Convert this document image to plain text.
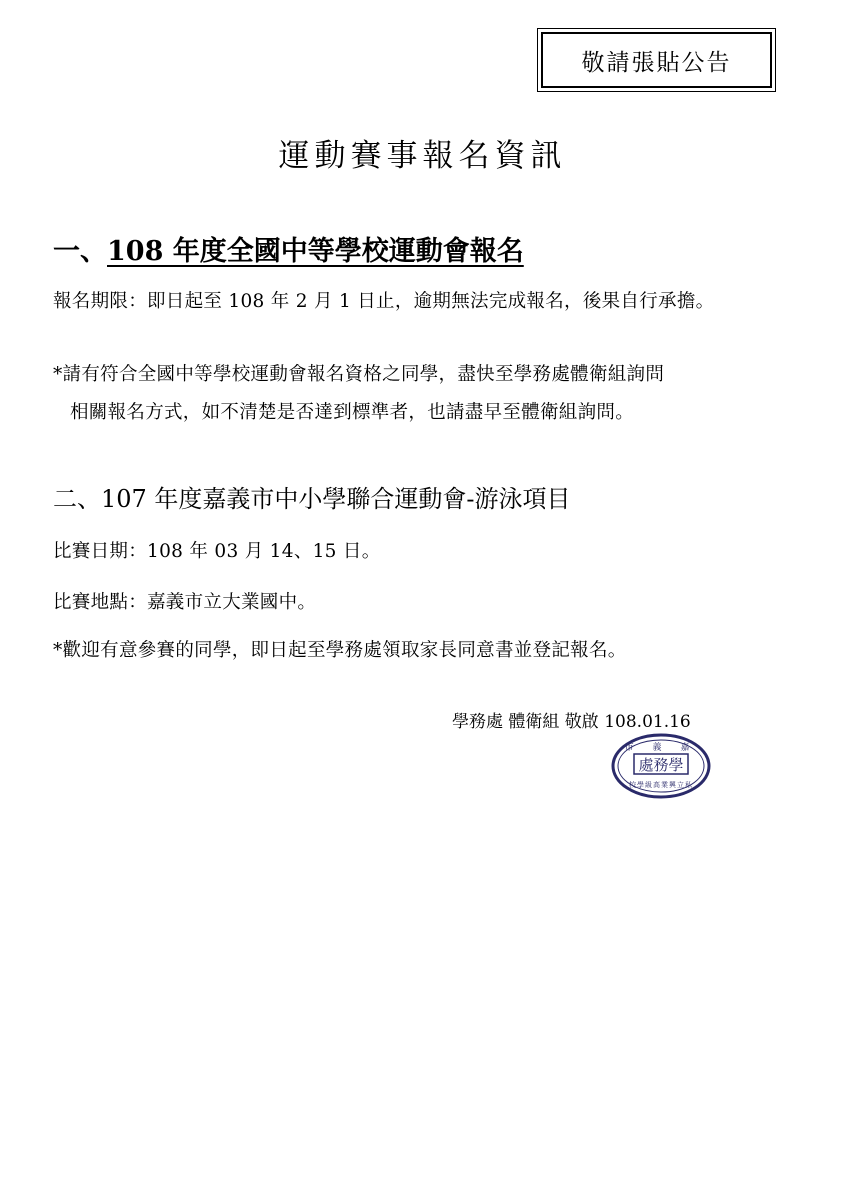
敬請張貼公告
運動賽事報名資訊
一、108 年度全國中等學校運動會報名
報名期限：即日起至 108 年 2 月 1 日止，逾期無法完成報名，後果自行承擔。
*請有符合全國中等學校運動會報名資格之同學，盡快至學務處體衛組詢問
相關報名方式，如不清楚是否達到標準者，也請盡早至體衛組詢問。
二、107 年度嘉義市中小學聯合運動會-游泳項目
比賽日期：108 年 03 月 14、15 日。
比賽地點：嘉義市立大業國中。
*歡迎有意參賽的同學，即日起至學務處領取家長同意書並登記報名。
學務處 體衛組 敬啟 108.01.16
市 義 嘉
處務學
校學級高業興立私
